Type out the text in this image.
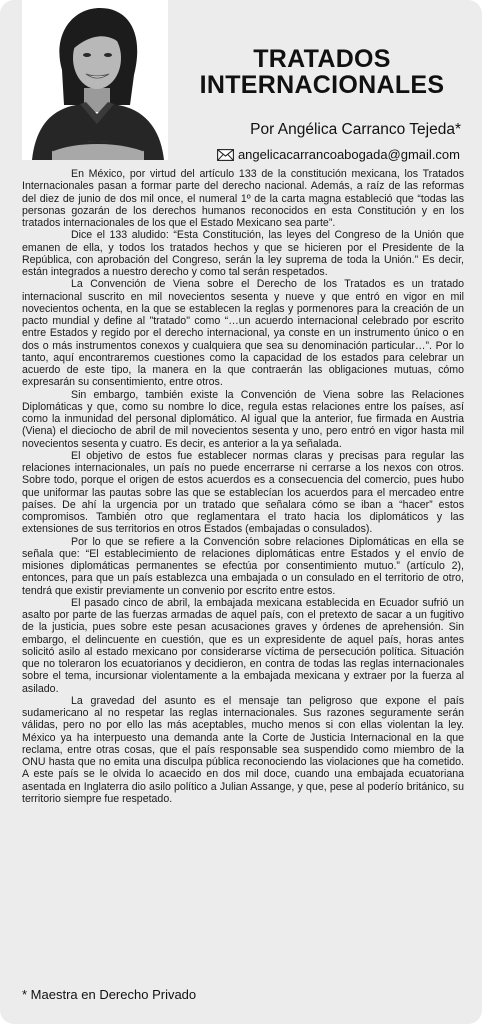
TRATADOS
INTERNACIONALES
Por Angélica Carranco Tejeda*
angelicacarrancoabogada@gmail.com

En México, por virtud del artículo 133 de la constitución mexicana, los Tratados Internacionales pasan a formar parte del derecho nacional. Además, a raíz de las reformas del diez de junio de dos mil once, el numeral 1º de la carta magna estableció que “todas las personas gozarán de los derechos humanos reconocidos en esta Constitución y en los tratados internacionales de los que el Estado Mexicano sea parte”.

Dice el 133 aludido: “Esta Constitución, las leyes del Congreso de la Unión que emanen de ella, y todos los tratados hechos y que se hicieren por el Presidente de la República, con aprobación del Congreso, serán la ley suprema de toda la Unión.” Es decir, están integrados a nuestro derecho y como tal serán respetados.

La Convención de Viena sobre el Derecho de los Tratados es un tratado internacional suscrito en mil novecientos sesenta y nueve y que entró en vigor en mil novecientos ochenta, en la que se establecen la reglas y pormenores para la creación de un pacto mundial y define al "tratado" como “…un acuerdo internacional celebrado por escrito entre Estados y regido por el derecho internacional, ya conste en un instrumento único o en dos o más instrumentos conexos y cualquiera que sea su denominación particular…”. Por lo tanto, aquí encontraremos cuestiones como la capacidad de los estados para celebrar un acuerdo de este tipo, la manera en la que contraerán las obligaciones mutuas, cómo expresarán su consentimiento, entre otros.

Sin embargo, también existe la Convención de Viena sobre las Relaciones Diplomáticas y que, como su nombre lo dice, regula estas relaciones entre los países, así como la inmunidad del personal diplomático. Al igual que la anterior, fue firmada en Austria (Viena) el dieciocho de abril de mil novecientos sesenta y uno, pero entró en vigor hasta mil novecientos sesenta y cuatro. Es decir, es anterior a la ya señalada.

El objetivo de estos fue establecer normas claras y precisas para regular las relaciones internacionales, un país no puede encerrarse ni cerrarse a los nexos con otros. Sobre todo, porque el origen de estos acuerdos es a consecuencia del comercio, pues hubo que uniformar las pautas sobre las que se establecían los acuerdos para el mercadeo entre países. De ahí la urgencia por un tratado que señalara cómo se iban a “hacer” estos compromisos. También otro que reglamentara el trato hacia los diplomáticos y las extensiones de sus territorios en otros Estados (embajadas o consulados).

Por lo que se refiere a la Convención sobre relaciones Diplomáticas en ella se señala que: “El establecimiento de relaciones diplomáticas entre Estados y el envío de misiones diplomáticas permanentes se efectúa por consentimiento mutuo.” (artículo 2), entonces, para que un país establezca una embajada o un consulado en el territorio de otro, tendrá que existir previamente un convenio por escrito entre estos.

El pasado cinco de abril, la embajada mexicana establecida en Ecuador sufrió un asalto por parte de las fuerzas armadas de aquel país, con el pretexto de sacar a un fugitivo de la justicia, pues sobre este pesan acusaciones graves y órdenes de aprehensión. Sin embargo, el delincuente en cuestión, que es un expresidente de aquel país, horas antes solicitó asilo al estado mexicano por considerarse víctima de persecución política. Situación que no toleraron los ecuatorianos y decidieron, en contra de todas las reglas internacionales sobre el tema, incursionar violentamente a la embajada mexicana y extraer por la fuerza al asilado.

La gravedad del asunto es el mensaje tan peligroso que expone el país sudamericano al no respetar las reglas internacionales. Sus razones seguramente serán válidas, pero no por ello las más aceptables, mucho menos si con ellas violentan la ley. México ya ha interpuesto una demanda ante la Corte de Justicia Internacional en la que reclama, entre otras cosas, que el país responsable sea suspendido como miembro de la ONU hasta que no emita una disculpa pública reconociendo las violaciones que ha cometido. A este país se le olvida lo acaecido en dos mil doce, cuando una embajada ecuatoriana asentada en Inglaterra dio asilo político a Julian Assange, y que, pese al poderío británico, su territorio siempre fue respetado.

* Maestra en Derecho Privado
